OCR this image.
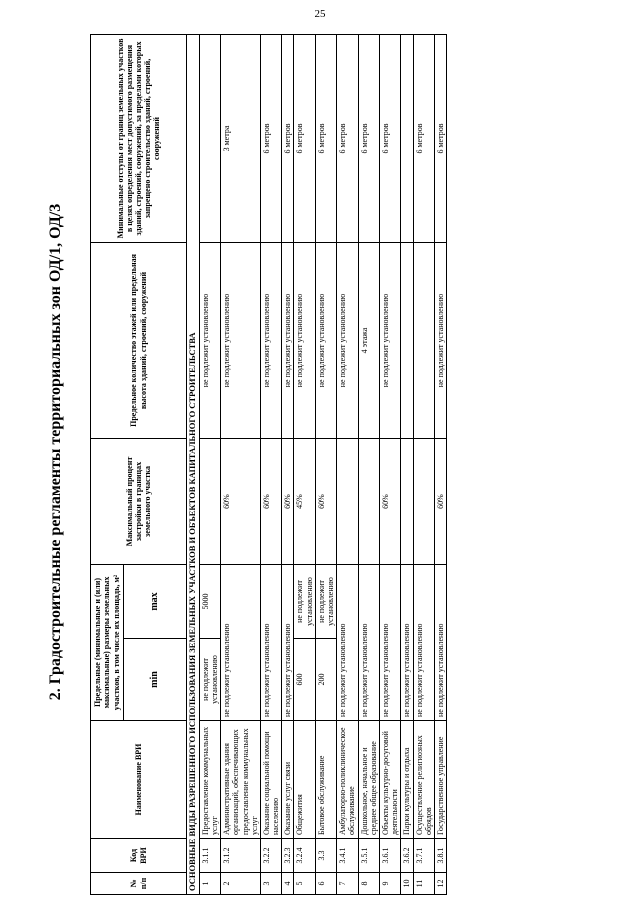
25
2. Градостроительные регламенты территориальных зон ОД/1, ОД/3
№ п/п	Код ВРИ	Наименование ВРИ	Предельные (минимальные и (или) максимальные) размеры земельных участков, в том числе их площадь, м²		Максимальный процент застройки в границах земельного участка	Предельное количество этажей или предельная высота зданий, строений, сооружений	Минимальные отступы от границ земельных участков в целях определения мест допустимого размещения зданий, строений, сооружений, за пределами которых запрещено строительство зданий, строений, сооружений
			min	max			
ОСНОВНЫЕ ВИДЫ РАЗРЕШЕННОГО ИСПОЛЬЗОВАНИЯ ЗЕМЕЛЬНЫХ УЧАСТКОВ И ОБЪЕКТОВ КАПИТАЛЬНОГО СТРОИТЕЛЬСТВА							
1	3.1.1	Предоставление коммунальных услуг	не подлежит установлению	5000		не подлежит установлению	
2	3.1.2	Административные здания организаций, обеспечивающих предоставление коммунальных услуг	не подлежит установлению		60%	не подлежит установлению	3 метра
3	3.2.2	Оказание социальной помощи населению	не подлежит установлению		60%	не подлежит установлению	6 метров
4	3.2.3	Оказание услуг связи	не подлежит установлению		60%	не подлежит установлению	6 метров
5	3.2.4	Общежития	600	не подлежит установлению	45%	не подлежит установлению	6 метров
6	3.3	Бытовое обслуживание	200	не подлежит установлению	60%	не подлежит установлению	6 метров
7	3.4.1	Амбулаторно-поликлиническое обслуживание	не подлежит установлению			не подлежит установлению	6 метров
8	3.5.1	Дошкольное, начальное и среднее общее образование	не подлежит установлению			4 этажа	6 метров
9	3.6.1	Объекты культурно-досуговой деятельности	не подлежит установлению		60%	не подлежит установлению	6 метров
10	3.6.2	Парки культуры и отдыха	не подлежит установлению				
11	3.7.1	Осуществление религиозных обрядов	не подлежит установлению				6 метров
12	3.8.1	Государственное управление	не подлежит установлению		60%	не подлежит установлению	6 метров
